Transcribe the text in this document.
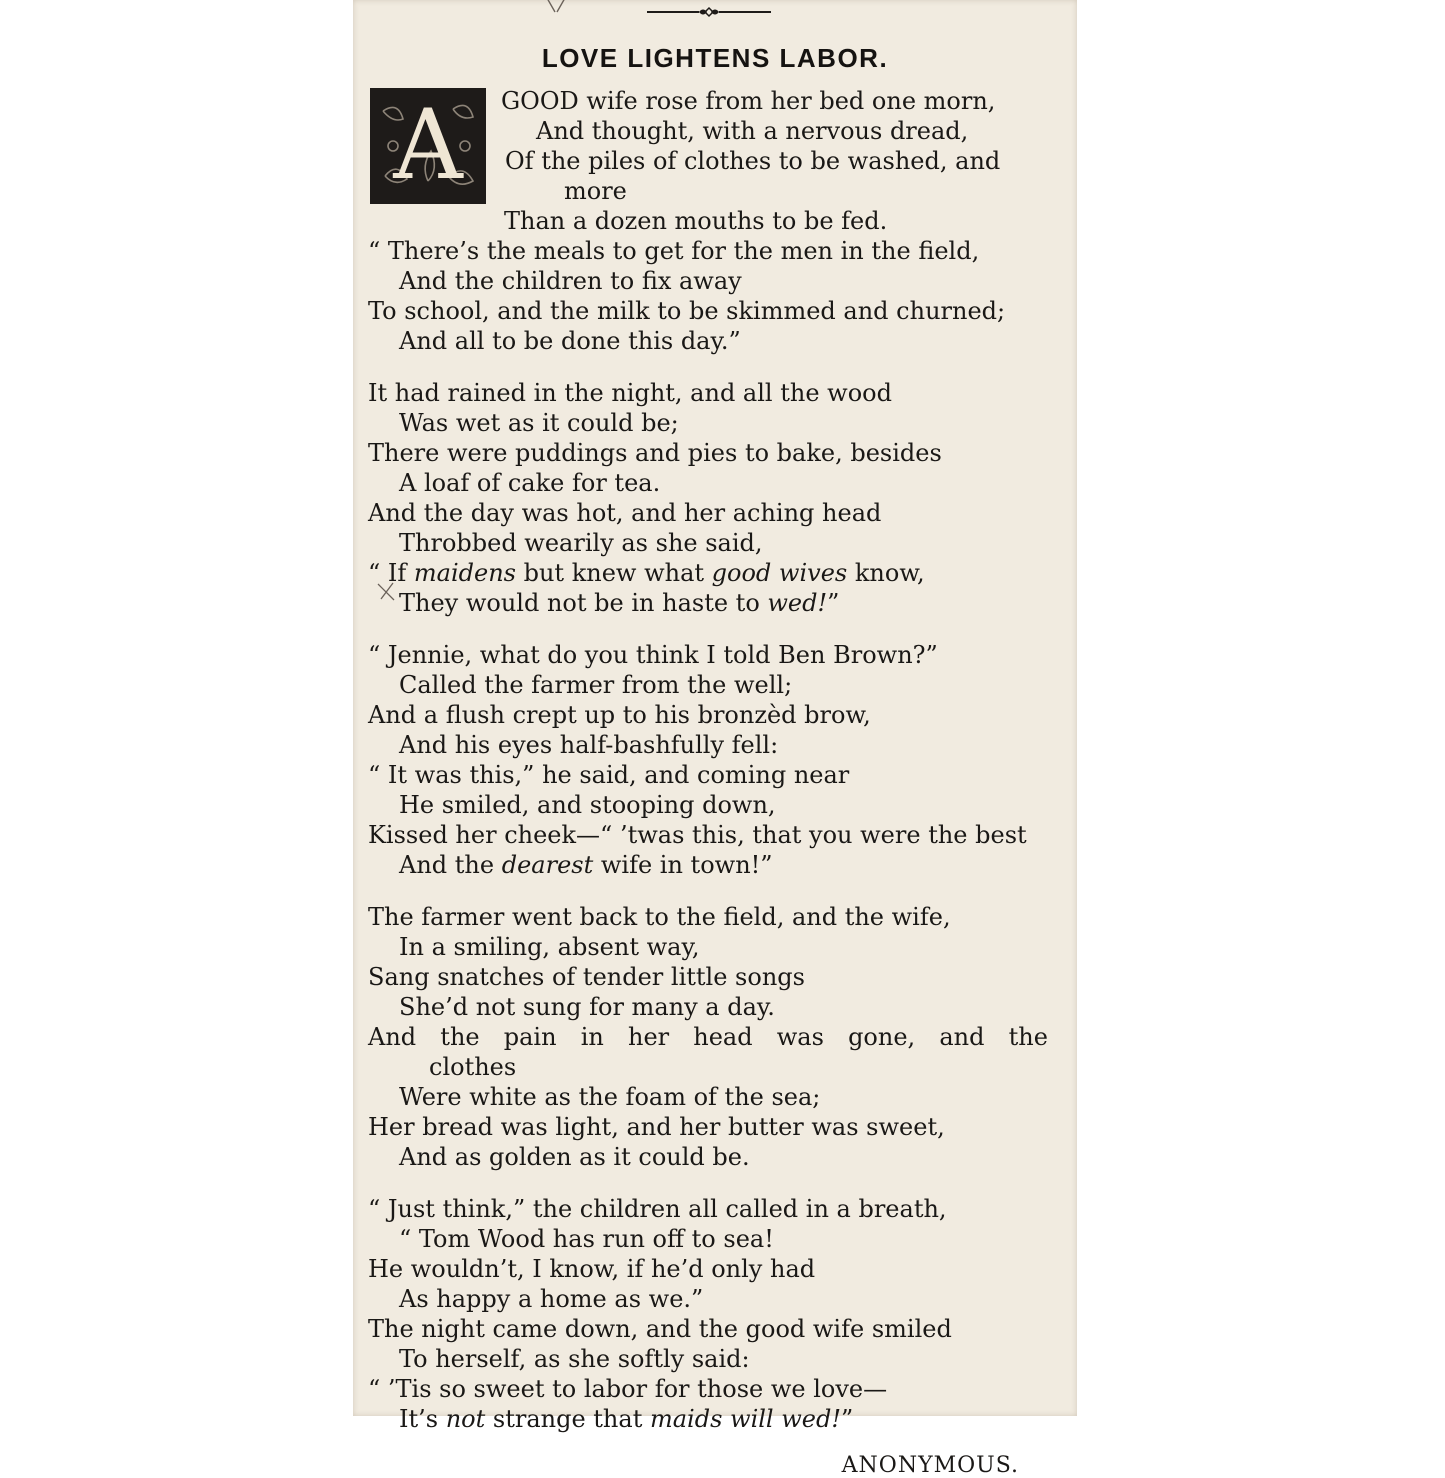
LOVE LIGHTENS LABOR.
A	GOOD wife rose from her bed one morn,
And thought, with a nervous dread,
Of the piles of clothes to be washed, and
more
Than a dozen mouths to be fed.
“ There’s the meals to get for the men in the field,
And the children to fix away
To school, and the milk to be skimmed and churned;
And all to be done this day.”
It had rained in the night, and all the wood
Was wet as it could be;
There were puddings and pies to bake, besides
A loaf of cake for tea.
And the day was hot, and her aching head
Throbbed wearily as she said,
“ If maidens but knew what good wives know,
They would not be in haste to wed!”
“ Jennie, what do you think I told Ben Brown?”
Called the farmer from the well;
And a flush crept up to his bronzèd brow,
And his eyes half-bashfully fell:
“ It was this,” he said, and coming near
He smiled, and stooping down,
Kissed her cheek—“ ’twas this, that you were the best
And the dearest wife in town!”
The farmer went back to the field, and the wife,
In a smiling, absent way,
Sang snatches of tender little songs
She’d not sung for many a day.
And the pain in her head was gone, and the
clothes
Were white as the foam of the sea;
Her bread was light, and her butter was sweet,
And as golden as it could be.
“ Just think,” the children all called in a breath,
“ Tom Wood has run off to sea!
He wouldn’t, I know, if he’d only had
As happy a home as we.”
The night came down, and the good wife smiled
To herself, as she softly said:
“ ’Tis so sweet to labor for those we love—
It’s not strange that maids will wed!”
ANONYMOUS.
